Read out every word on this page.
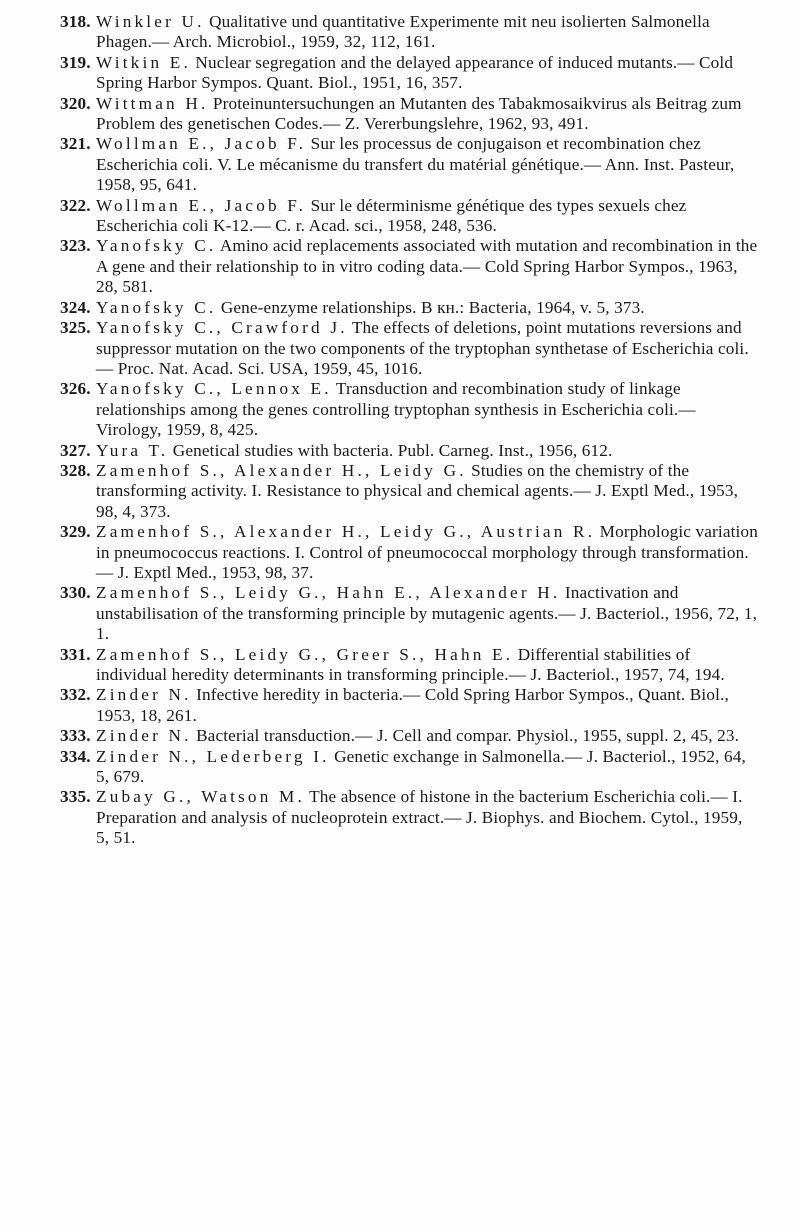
318. Winkler U. Qualitative und quantitative Experimente mit neu isolierten Salmonella Phagen.— Arch. Microbiol., 1959, 32, 112, 161.
319. Witkin E. Nuclear segregation and the delayed appearance of induced mutants.— Cold Spring Harbor Sympos. Quant. Biol., 1951, 16, 357.
320. Wittman H. Proteinuntersuchungen an Mutanten des Tabakmosaikvirus als Beitrag zum Problem des genetischen Codes.— Z. Vererbungslehre, 1962, 93, 491.
321. Wollman E., Jacob F. Sur les processus de conjugaison et recombination chez Escherichia coli. V. Le mécanisme du transfert du matérial génétique.— Ann. Inst. Pasteur, 1958, 95, 641.
322. Wollman E., Jacob F. Sur le déterminisme génétique des types sexuels chez Escherichia coli K-12.— C. r. Acad. sci., 1958, 248, 536.
323. Yanofsky C. Amino acid replacements associated with mutation and recombination in the A gene and their relationship to in vitro coding data.— Cold Spring Harbor Sympos., 1963, 28, 581.
324. Yanofsky C. Gene-enzyme relationships. В кн.: Bacteria, 1964, v. 5, 373.
325. Yanofsky C., Crawford J. The effects of deletions, point mutations reversions and suppressor mutation on the two components of the tryptophan synthetase of Escherichia coli.— Proc. Nat. Acad. Sci. USA, 1959, 45, 1016.
326. Yanofsky C., Lennox E. Transduction and recombination study of linkage relationships among the genes controlling tryptophan synthesis in Escherichia coli.— Virology, 1959, 8, 425.
327. Yura T. Genetical studies with bacteria. Publ. Carneg. Inst., 1956, 612.
328. Zamenhof S., Alexander H., Leidy G. Studies on the chemistry of the transforming activity. I. Resistance to physical and chemical agents.— J. Exptl Med., 1953, 98, 4, 373.
329. Zamenhof S., Alexander H., Leidy G., Austrian R. Morphologic variation in pneumococcus reactions. I. Control of pneumococcal morphology through transformation.— J. Exptl Med., 1953, 98, 37.
330. Zamenhof S., Leidy G., Hahn E., Alexander H. Inactivation and unstabilisation of the transforming principle by mutagenic agents.— J. Bacteriol., 1956, 72, 1, 1.
331. Zamenhof S., Leidy G., Greer S., Hahn E. Differential stabilities of individual heredity determinants in transforming principle.— J. Bacteriol., 1957, 74, 194.
332. Zinder N. Infective heredity in bacteria.— Cold Spring Harbor Sympos., Quant. Biol., 1953, 18, 261.
333. Zinder N. Bacterial transduction.— J. Cell and compar. Physiol., 1955, suppl. 2, 45, 23.
334. Zinder N., Lederberg I. Genetic exchange in Salmonella.— J. Bacteriol., 1952, 64, 5, 679.
335. Zubay G., Watson M. The absence of histone in the bacterium Escherichia coli.— I. Preparation and analysis of nucleoprotein extract.— J. Biophys. and Biochem. Cytol., 1959, 5, 51.
